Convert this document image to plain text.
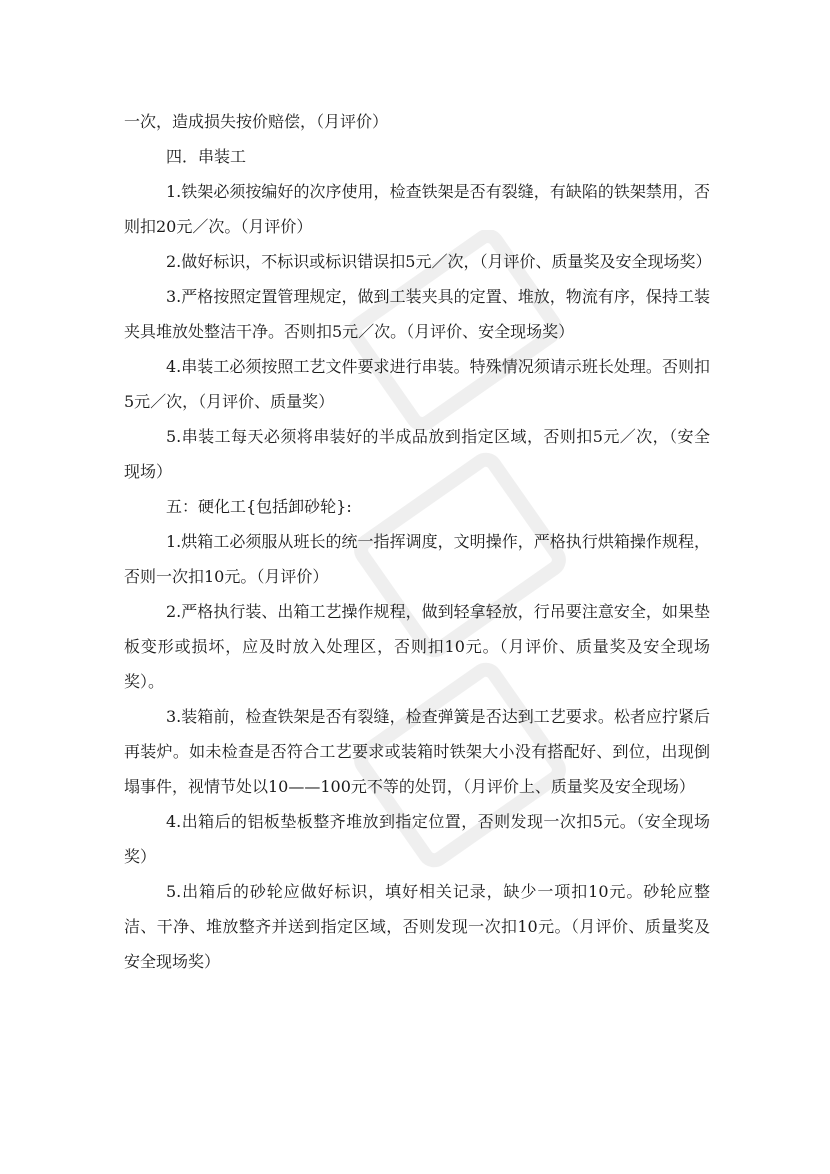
一次，造成损失按价赔偿，（月评价）

四．串装工

1.铁架必须按编好的次序使用，检查铁架是否有裂缝，有缺陷的铁架禁用，否则扣20元／次。（月评价）

2.做好标识，不标识或标识错误扣5元／次，（月评价、质量奖及安全现场奖）

3.严格按照定置管理规定，做到工装夹具的定置、堆放，物流有序，保持工装夹具堆放处整洁干净。否则扣5元／次。（月评价、安全现场奖）

4.串装工必须按照工艺文件要求进行串装。特殊情况须请示班长处理。否则扣5元／次，（月评价、质量奖）

5.串装工每天必须将串装好的半成品放到指定区域，否则扣5元／次，（安全现场）

五：硬化工{包括卸砂轮}:

1.烘箱工必须服从班长的统一指挥调度，文明操作，严格执行烘箱操作规程，否则一次扣10元。（月评价）

2.严格执行装、出箱工艺操作规程，做到轻拿轻放，行吊要注意安全，如果垫板变形或损坏，应及时放入处理区，否则扣10元。（月评价、质量奖及安全现场奖）。

3.装箱前，检查铁架是否有裂缝，检查弹簧是否达到工艺要求。松者应拧紧后再装炉。如未检查是否符合工艺要求或装箱时铁架大小没有搭配好、到位，出现倒塌事件，视情节处以10——100元不等的处罚，（月评价上、质量奖及安全现场）

4.出箱后的铝板垫板整齐堆放到指定位置，否则发现一次扣5元。（安全现场奖）

5.出箱后的砂轮应做好标识，填好相关记录，缺少一项扣10元。砂轮应整洁、干净、堆放整齐并送到指定区域，否则发现一次扣10元。（月评价、质量奖及安全现场奖）
